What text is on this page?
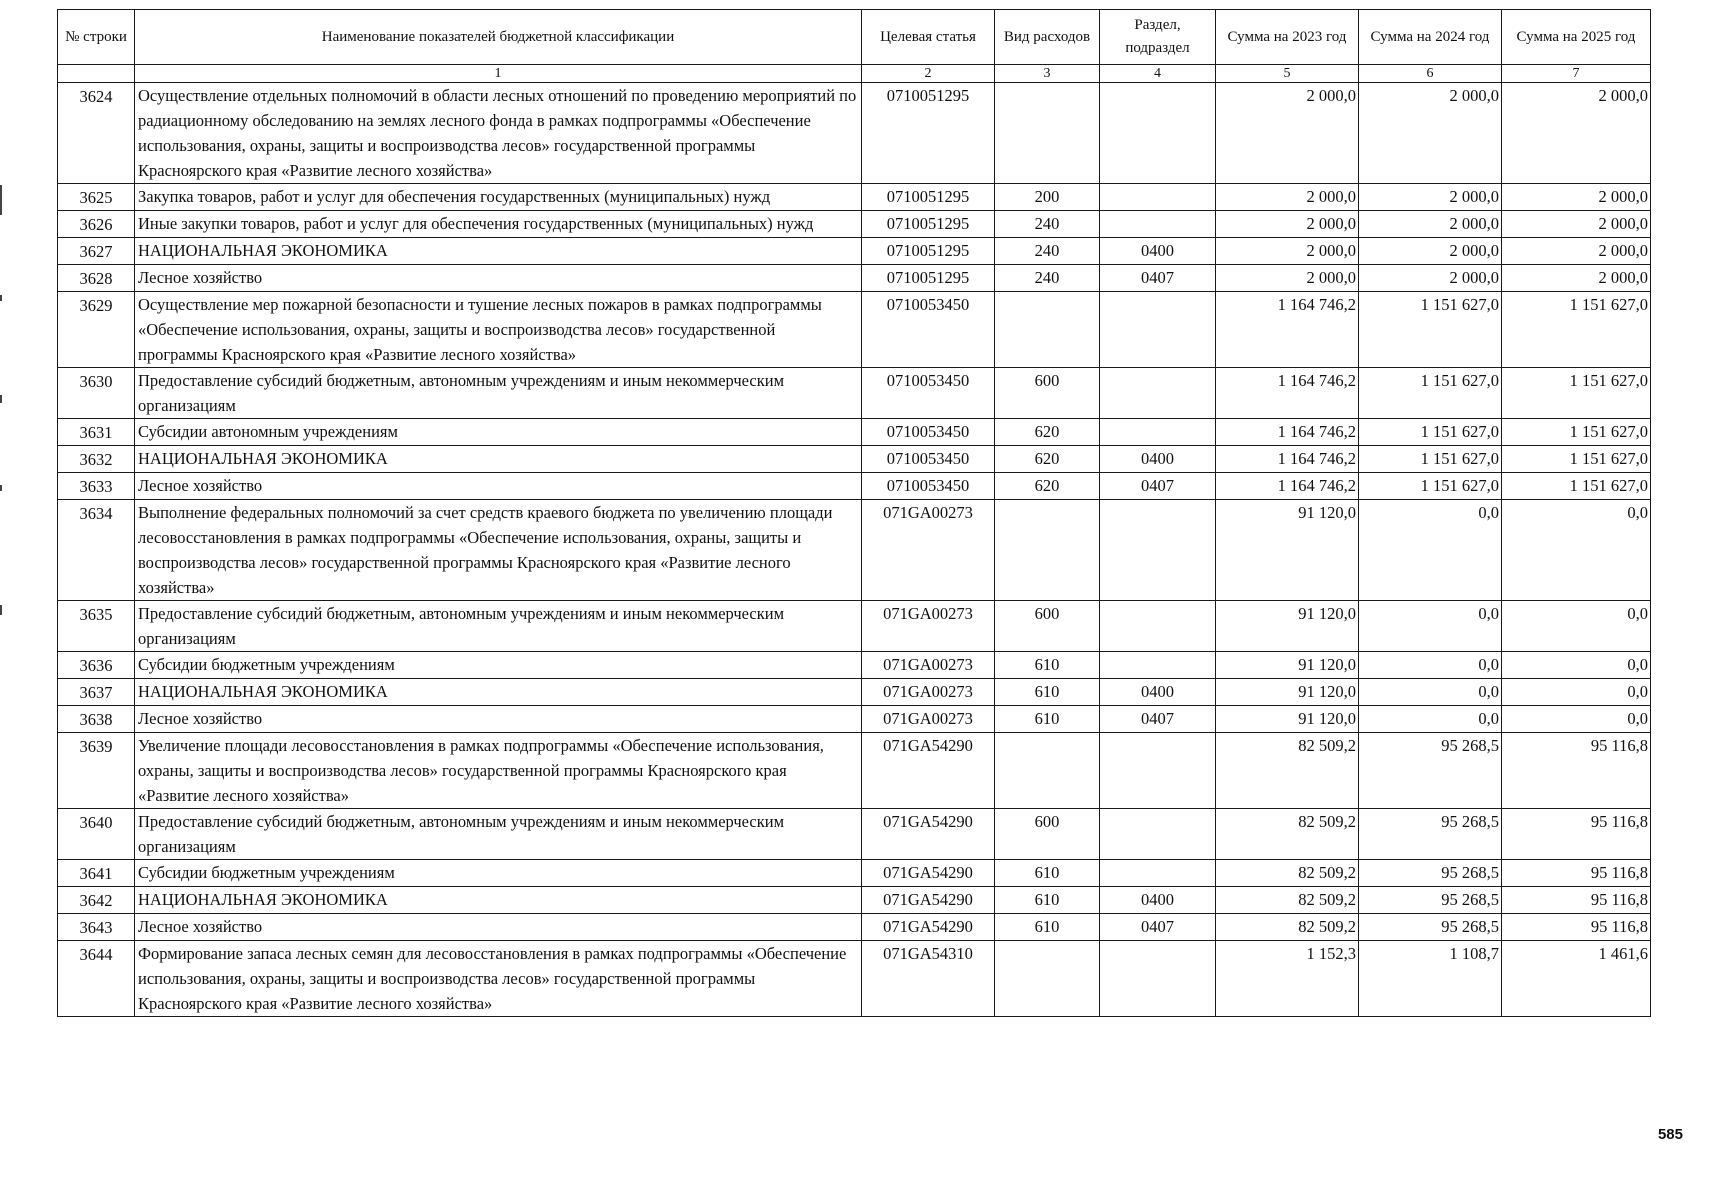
№ строки	Наименование показателей бюджетной классификации	Целевая статья	Вид расходов	Раздел, подраздел	Сумма на 2023 год	Сумма на 2024 год	Сумма на 2025 год
	1	2	3	4	5	6	7
3624	Осуществление отдельных полномочий в области лесных отношений по проведению мероприятий по радиационному обследованию на землях лесного фонда в рамках подпрограммы «Обеспечение использования, охраны, защиты и воспроизводства лесов» государственной программы Красноярского края «Развитие лесного хозяйства»	0710051295			2 000,0	2 000,0	2 000,0
3625	Закупка товаров, работ и услуг для обеспечения государственных (муниципальных) нужд	0710051295	200		2 000,0	2 000,0	2 000,0
3626	Иные закупки товаров, работ и услуг для обеспечения государственных (муниципальных) нужд	0710051295	240		2 000,0	2 000,0	2 000,0
3627	НАЦИОНАЛЬНАЯ ЭКОНОМИКА	0710051295	240	0400	2 000,0	2 000,0	2 000,0
3628	Лесное хозяйство	0710051295	240	0407	2 000,0	2 000,0	2 000,0
3629	Осуществление мер пожарной безопасности и тушение лесных пожаров в рамках подпрограммы «Обеспечение использования, охраны, защиты и воспроизводства лесов» государственной программы Красноярского края «Развитие лесного хозяйства»	0710053450			1 164 746,2	1 151 627,0	1 151 627,0
3630	Предоставление субсидий бюджетным, автономным учреждениям и иным некоммерческим организациям	0710053450	600		1 164 746,2	1 151 627,0	1 151 627,0
3631	Субсидии автономным учреждениям	0710053450	620		1 164 746,2	1 151 627,0	1 151 627,0
3632	НАЦИОНАЛЬНАЯ ЭКОНОМИКА	0710053450	620	0400	1 164 746,2	1 151 627,0	1 151 627,0
3633	Лесное хозяйство	0710053450	620	0407	1 164 746,2	1 151 627,0	1 151 627,0
3634	Выполнение федеральных полномочий за счет средств краевого бюджета по увеличению площади лесовосстановления в рамках подпрограммы «Обеспечение использования, охраны, защиты и воспроизводства лесов» государственной программы Красноярского края «Развитие лесного хозяйства»	071GA00273			91 120,0	0,0	0,0
3635	Предоставление субсидий бюджетным, автономным учреждениям и иным некоммерческим организациям	071GA00273	600		91 120,0	0,0	0,0
3636	Субсидии бюджетным учреждениям	071GA00273	610		91 120,0	0,0	0,0
3637	НАЦИОНАЛЬНАЯ ЭКОНОМИКА	071GA00273	610	0400	91 120,0	0,0	0,0
3638	Лесное хозяйство	071GA00273	610	0407	91 120,0	0,0	0,0
3639	Увеличение площади лесовосстановления в рамках подпрограммы «Обеспечение использования, охраны, защиты и воспроизводства лесов» государственной программы Красноярского края «Развитие лесного хозяйства»	071GA54290			82 509,2	95 268,5	95 116,8
3640	Предоставление субсидий бюджетным, автономным учреждениям и иным некоммерческим организациям	071GA54290	600		82 509,2	95 268,5	95 116,8
3641	Субсидии бюджетным учреждениям	071GA54290	610		82 509,2	95 268,5	95 116,8
3642	НАЦИОНАЛЬНАЯ ЭКОНОМИКА	071GA54290	610	0400	82 509,2	95 268,5	95 116,8
3643	Лесное хозяйство	071GA54290	610	0407	82 509,2	95 268,5	95 116,8
3644	Формирование запаса лесных семян для лесовосстановления в рамках подпрограммы «Обеспечение использования, охраны, защиты и воспроизводства лесов» государственной программы Красноярского края «Развитие лесного хозяйства»	071GA54310			1 152,3	1 108,7	1 461,6
585
